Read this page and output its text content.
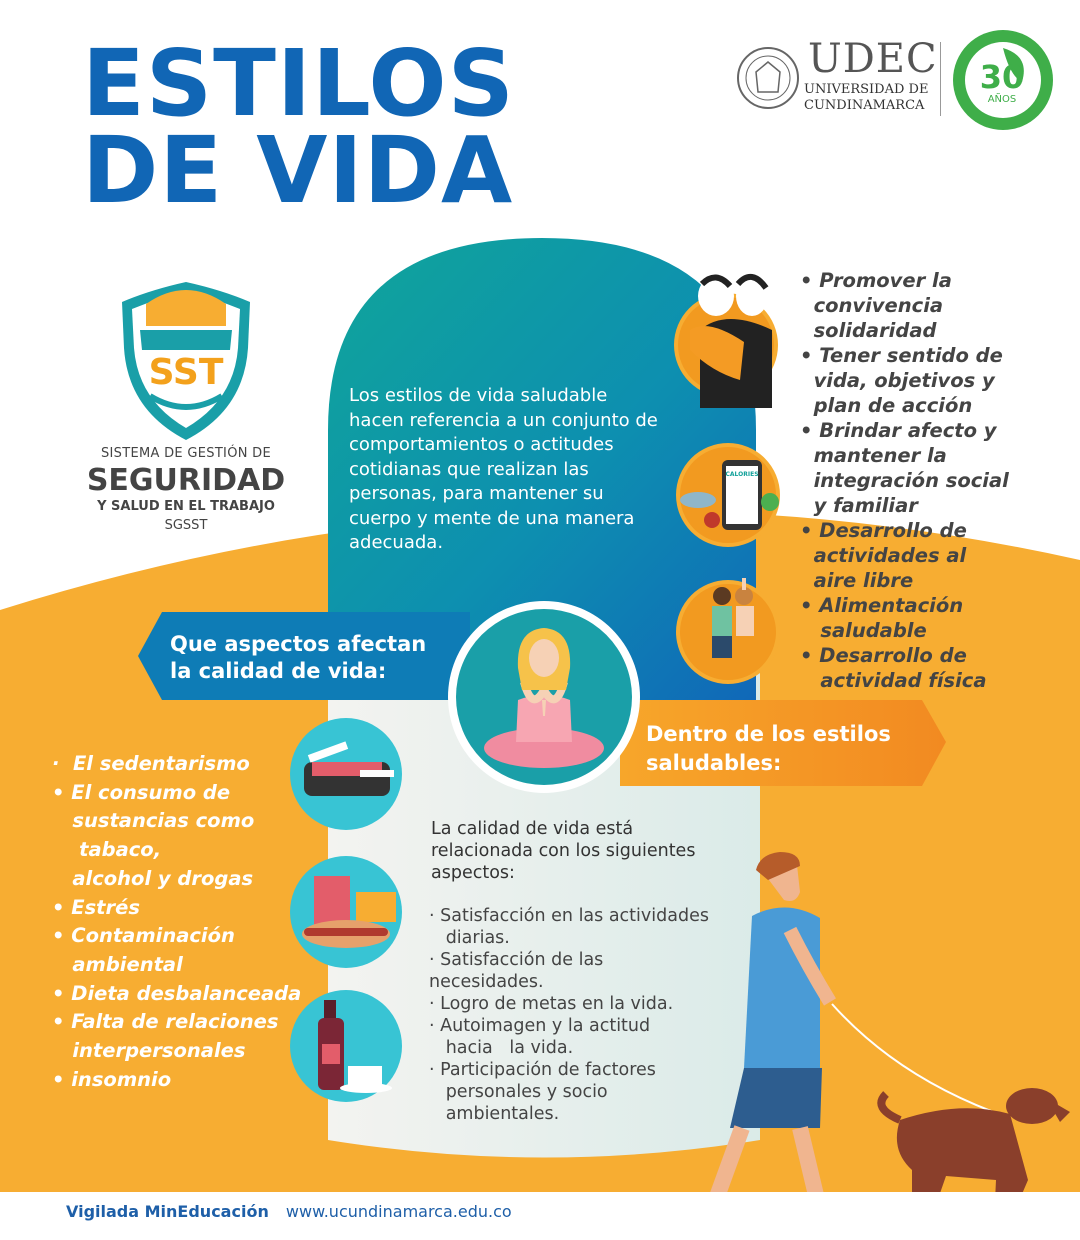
SST
CALORIES
ESTILOS
DE VIDA
UDEC
UNIVERSIDAD DE
CUNDINAMARCA
30
AÑOS
SISTEMA DE GESTIÓN DE
SEGURIDAD
Y SALUD EN EL TRABAJO
SGSST
Los estilos de vida saludable hacen referencia a un conjunto de comportamientos o actitudes cotidianas que realizan las personas, para mantener su cuerpo y mente de una manera adecuada.
• Promover la
convivencia
solidaridad
• Tener sentido de
vida, objetivos y
plan de acción
• Brindar afecto y
mantener la
integración social
y familiar
• Desarrollo de
actividades al
aire libre
• Alimentación
saludable
• Desarrollo de
actividad física
Que aspectos afectan
la calidad de vida:
Dentro de los estilos
saludables:
·  El sedentarismo
• El consumo de
sustancias como
tabaco,
alcohol y drogas
• Estrés
• Contaminación
ambiental
• Dieta desbalanceada
• Falta de relaciones
interpersonales
• insomnio
La calidad de vida está relacionada con los siguientes aspectos:
· Satisfacción en las actividades
diarias.
· Satisfacción de las
necesidades.
· Logro de metas en la vida.
· Autoimagen y la actitud
hacia   la vida.
· Participación de factores
personales y socio
ambientales.
Vigilada MinEducación www.ucundinamarca.edu.co
